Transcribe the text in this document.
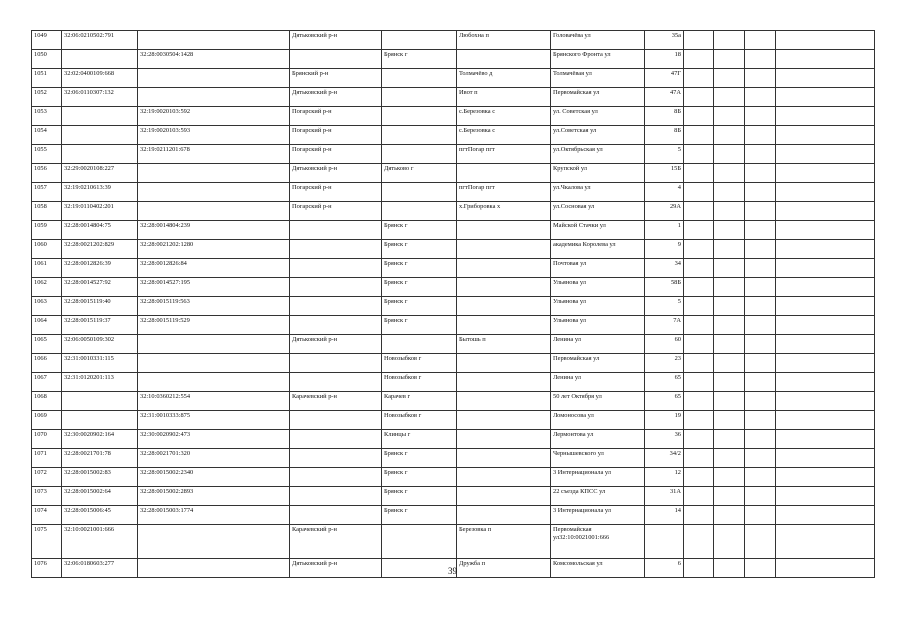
1049	32:06:0210502:791		Дятьковский р-н		Любохна п	Головачёва ул	35а				
1050		32:28:0030504:1428		Брянск г		Брянского Фронта ул	18				
1051	32:02:0400109:668		Брянский р-н		Толмачёво д	Толмачёвая ул	47Г				
1052	32:06:0110307:132		Дятьковский р-н		Ивот п	Первомайская ул	47А				
1053		32:19:0020103:592	Погарский р-н		с.Березовка с	ул. Советская ул	8Б				
1054		32:19:0020103:593	Погарский р-н		с.Березовка с	ул.Советская ул	8Б				
1055		32:19:0211201:678	Погарский р-н		пгтПогар пгт	ул.Октябрьская ул	5				
1056	32:29:0020108:227		Дятьковский р-н	Дятьково г		Крупской ул	15Б				
1057	32:19:0210613:39		Погарский р-н		пгтПогар пгт	ул.Чкалова ул	4				
1058	32:19:0110402:201		Погарский р-н		х.Гриборовка х	ул.Сосновая ул	29А				
1059	32:28:0014804:75	32:28:0014804:239		Брянск г		Майской Стачки ул	1				
1060	32:28:0021202:829	32:28:0021202:1280		Брянск г		академика Королева ул	9				
1061	32:28:0012826:39	32:28:0012826:84		Брянск г		Почтовая ул	34				
1062	32:28:0014527:92	32:28:0014527:195		Брянск г		Ульянова ул	58Б				
1063	32:28:0015119:40	32:28:0015119:563		Брянск г		Ульянова ул	5				
1064	32:28:0015119:37	32:28:0015119:529		Брянск г		Ульянова ул	7А				
1065	32:06:0050109:302		Дятьковский р-н		Бытошь п	Ленина ул	60				
1066	32:31:0010331:115			Новозыбков г		Первомайская ул	23				
1067	32:31:0120201:113			Новозыбков г		Ленина ул	65				
1068		32:10:0360212:554	Карачевский р-н	Карачев г		50 лет Октября ул	65				
1069		32:31:0010333:875		Новозыбков г		Ломоносова ул	19				
1070	32:30:0020902:164	32:30:0020902:473		Клинцы г		Лермонтова ул	36				
1071	32:28:0021701:78	32:28:0021701:320		Брянск г		Чернышевского ул	34/2				
1072	32:28:0015002:83	32:28:0015002:2340		Брянск г		3 Интернационала ул	12				
1073	32:28:0015002:64	32:28:0015002:2893		Брянск г		22 съезда КПСС ул	31А				
1074	32:28:0015006:45	32:28:0015003:1774		Брянск г		3 Интернационала ул	14				
1075	32:10:0021001:666		Карачевский р-н		Березовка п	Первомайская ул32:10:0021001:666					
1076	32:06:0180603:277		Дятьковский р-н		Дружба п	Комсомольская ул	6				
39
